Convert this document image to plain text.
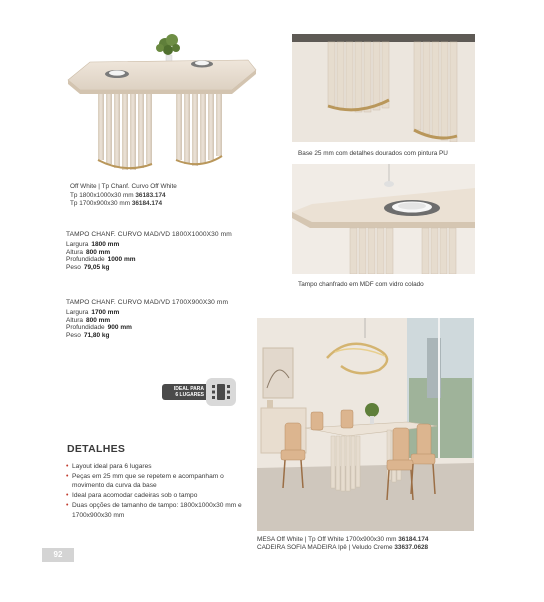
Off White | Tp Chanf. Curvo Off White
Tp 1800x1000x30 mm 36183.174
Tp 1700x900x30 mm 36184.174
Base 25 mm com detalhes dourados com pintura PU
Tampo chanfrado em MDF com vidro colado
TAMPO CHANF. CURVO MAD/VD 1800X1000X30 mm
Largura 1800 mm
Altura 800 mm
Profundidade 1000 mm
Peso 79,05 kg
TAMPO CHANF. CURVO MAD/VD 1700X900X30 mm
Largura 1700 mm
Altura 800 mm
Profundidade 900 mm
Peso 71,80 kg
IDEAL PARA
6 LUGARES
DETALHES
• Layout ideal para 6 lugares
• Peças em 25 mm que se repetem e acompanham o movimento da curva da base
• Ideal para acomodar cadeiras sob o tampo
• Duas opções de tamanho de tampo: 1800x1000x30 mm e 1700x900x30 mm
MESA Off White | Tp Off White 1700x900x30 mm 36184.174
CADEIRA SOFIA MADEIRA Ipê | Veludo Creme 33637.0628
92
